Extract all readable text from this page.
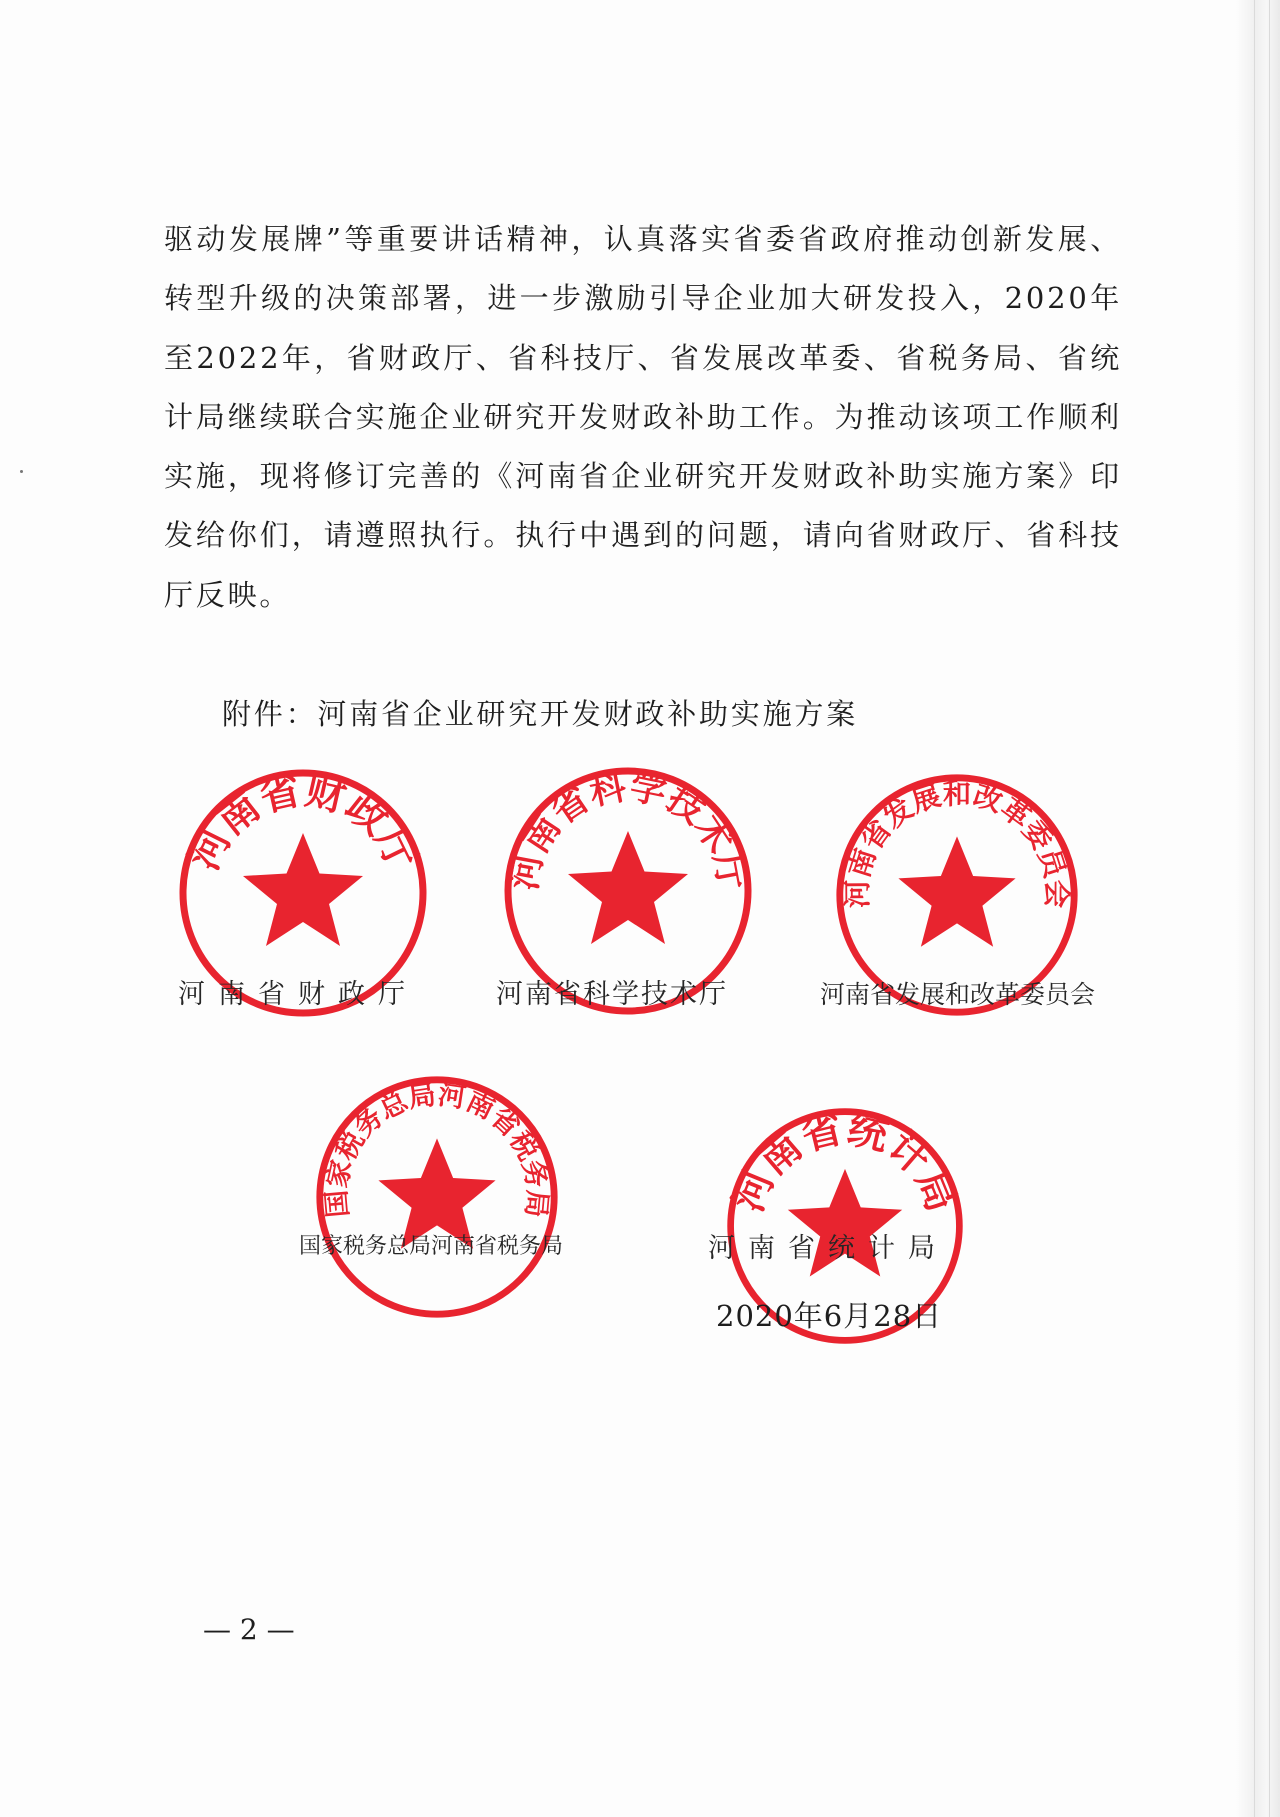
驱动发展牌”等重要讲话精神，认真落实省委省政府推动创新发展、转型升级的决策部署，进一步激励引导企业加大研发投入，2020年至2022年，省财政厅、省科技厅、省发展改革委、省税务局、省统计局继续联合实施企业研究开发财政补助工作。为推动该项工作顺利实施，现将修订完善的《河南省企业研究开发财政补助实施方案》印发给你们，请遵照执行。执行中遇到的问题，请向省财政厅、省科技厅反映。

附件：河南省企业研究开发财政补助实施方案
河南省财政厅 河南省科学技术厅
河南省发展和改革委员会
国家税务总局河南省税务局	河南省统计局
河南省财政厅	河南省科学技术厅	河南省发展和改革委员会
国家税务总局河南省税务局	河南省统计局
2020年6月28日
— 2 —
